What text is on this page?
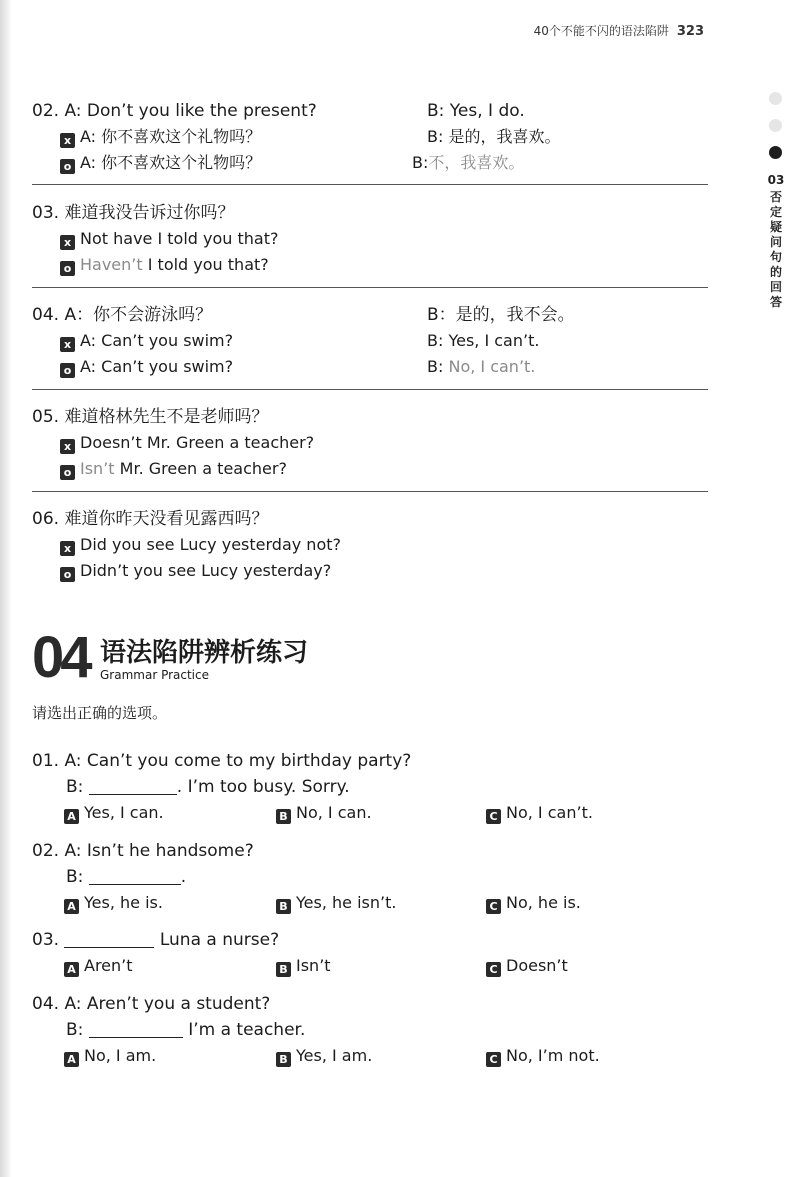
40个不能不闪的语法陷阱 323
03
否
定
疑
问
句
的
回
答
02. A: Don’t you like the present?	B: Yes, I do.
x A: 你不喜欢这个礼物吗？	B: 是的，我喜欢。
o A: 你不喜欢这个礼物吗？	B:不，我喜欢。
03. 难道我没告诉过你吗？
x Not have I told you that?
o Haven’t I told you that?
04. A：你不会游泳吗？	B：是的，我不会。
x A: Can’t you swim?	B: Yes, I can’t.
o A: Can’t you swim?	B: No, I can’t.
05. 难道格林先生不是老师吗？
x Doesn’t Mr. Green a teacher?
o Isn’t Mr. Green a teacher?
06. 难道你昨天没看见露西吗？
x Did you see Lucy yesterday not?
o Didn’t you see Lucy yesterday?
04 语法陷阱辨析练习
Grammar Practice
请选出正确的选项。
01. A: Can’t you come to my birthday party?
B:	. I’m too busy. Sorry.
A Yes, I can.	B No, I can.	C No, I can’t.
02. A: Isn’t he handsome?
B:	.
A Yes, he is.	B Yes, he isn’t.	C No, he is.
03.	Luna a nurse?
A Aren’t	B Isn’t	C Doesn’t
04. A: Aren’t you a student?
B:	I’m a teacher.
A No, I am.	B Yes, I am.	C No, I’m not.
